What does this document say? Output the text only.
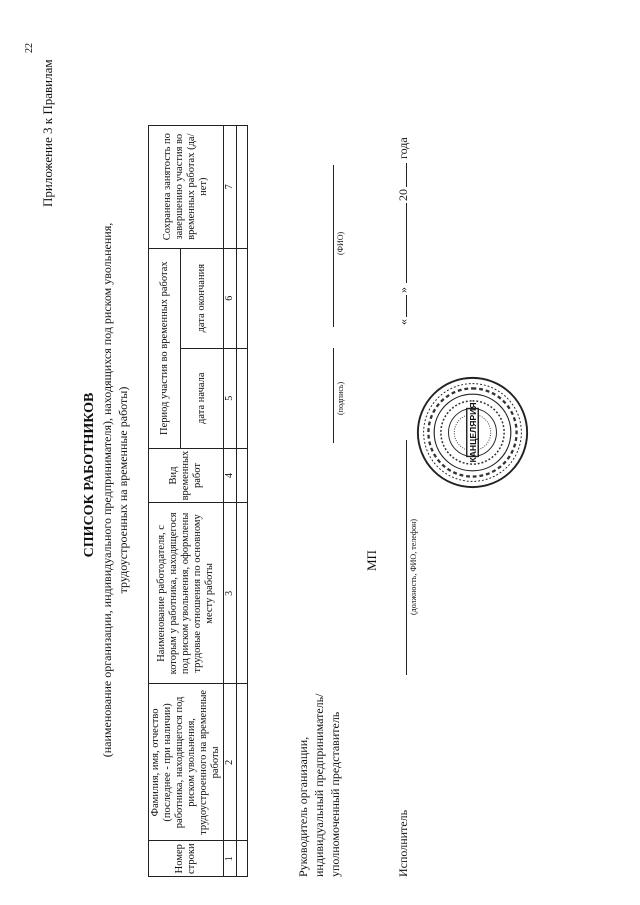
22
Приложение 3 к Правилам
СПИСОК РАБОТНИКОВ (наименование организации, индивидуального предпринимателя), находящихся под риском увольнения, трудоустроенных на временные работы)
Номер строки	Фамилия, имя, отчество (последнее - при наличии) работника, находящегося под риском увольнения, трудоустроенного на временные работы	Наименование работодателя, с которым у работника, находящегося под риском увольнения, оформлены трудовые отношения по основному месту работы	Вид временных работ	Период участия во временных работах		Сохранена занятость по завершению участия во временных работах (да/нет)
				дата начала	дата окончания	
1	2	3	4	5	6	7

Руководитель организации, индивидуальный предприниматель/ уполномоченный представитель
(подпись)
(ФИО)
МП
Исполнитель
(должность, ФИО, телефон)
«
»
20
года
КАНЦЕЛЯРИЯ
